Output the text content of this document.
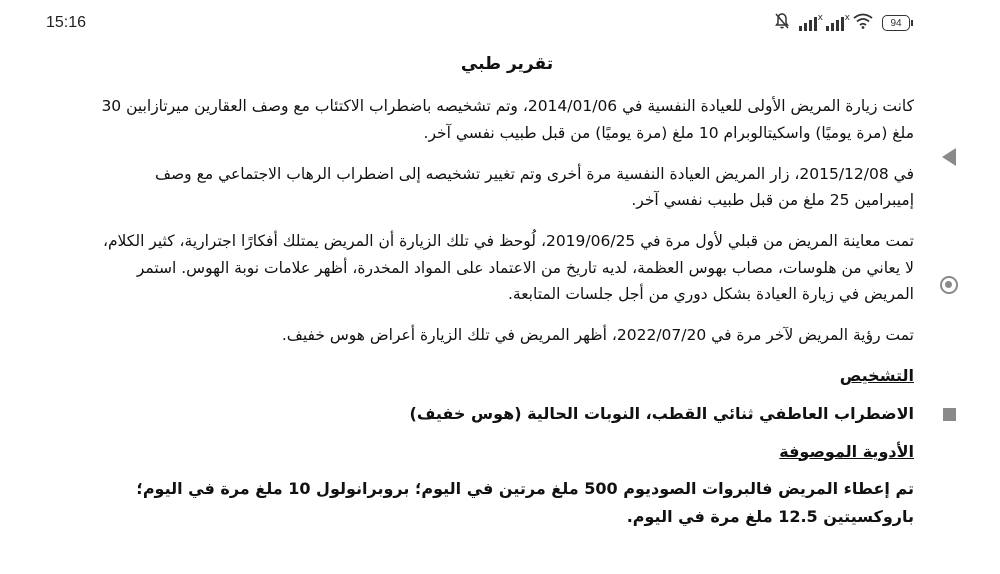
15:16	x x	94
تقرير طبي

كانت زيارة المريض الأولى للعيادة النفسية في 2014/01/06، وتم تشخيصه باضطراب الاكتئاب مع وصف العقارين ميرتازابين 30 ملغ (مرة يوميًا) واسكيتالوبرام 10 ملغ (مرة يوميًا) من قبل طبيب نفسي آخر.

في 2015/12/08، زار المريض العيادة النفسية مرة أخرى وتم تغيير تشخيصه إلى اضطراب الرهاب الاجتماعي مع وصف إميبرامين 25 ملغ من قبل طبيب نفسي آخر.

تمت معاينة المريض من قبلي لأول مرة في 2019/06/25، لُوحظ في تلك الزيارة أن المريض يمتلك أفكارًا اجترارية، كثير الكلام، لا يعاني من هلوسات، مصاب بهوس العظمة، لديه تاريخ من الاعتماد على المواد المخدرة، أظهر علامات نوبة الهوس. استمر المريض في زيارة العيادة بشكل دوري من أجل جلسات المتابعة.

تمت رؤية المريض لآخر مرة في 2022/07/20، أظهر المريض في تلك الزيارة أعراض هوس خفيف.

التشخيص
الاضطراب العاطفي ثنائي القطب، النوبات الحالية (هوس خفيف)
الأدوية الموصوفة
تم إعطاء المريض فالبروات الصوديوم 500 ملغ مرتين في اليوم؛ بروبرانولول 10 ملغ مرة في اليوم؛ باروكسيتين 12.5 ملغ مرة في اليوم.
